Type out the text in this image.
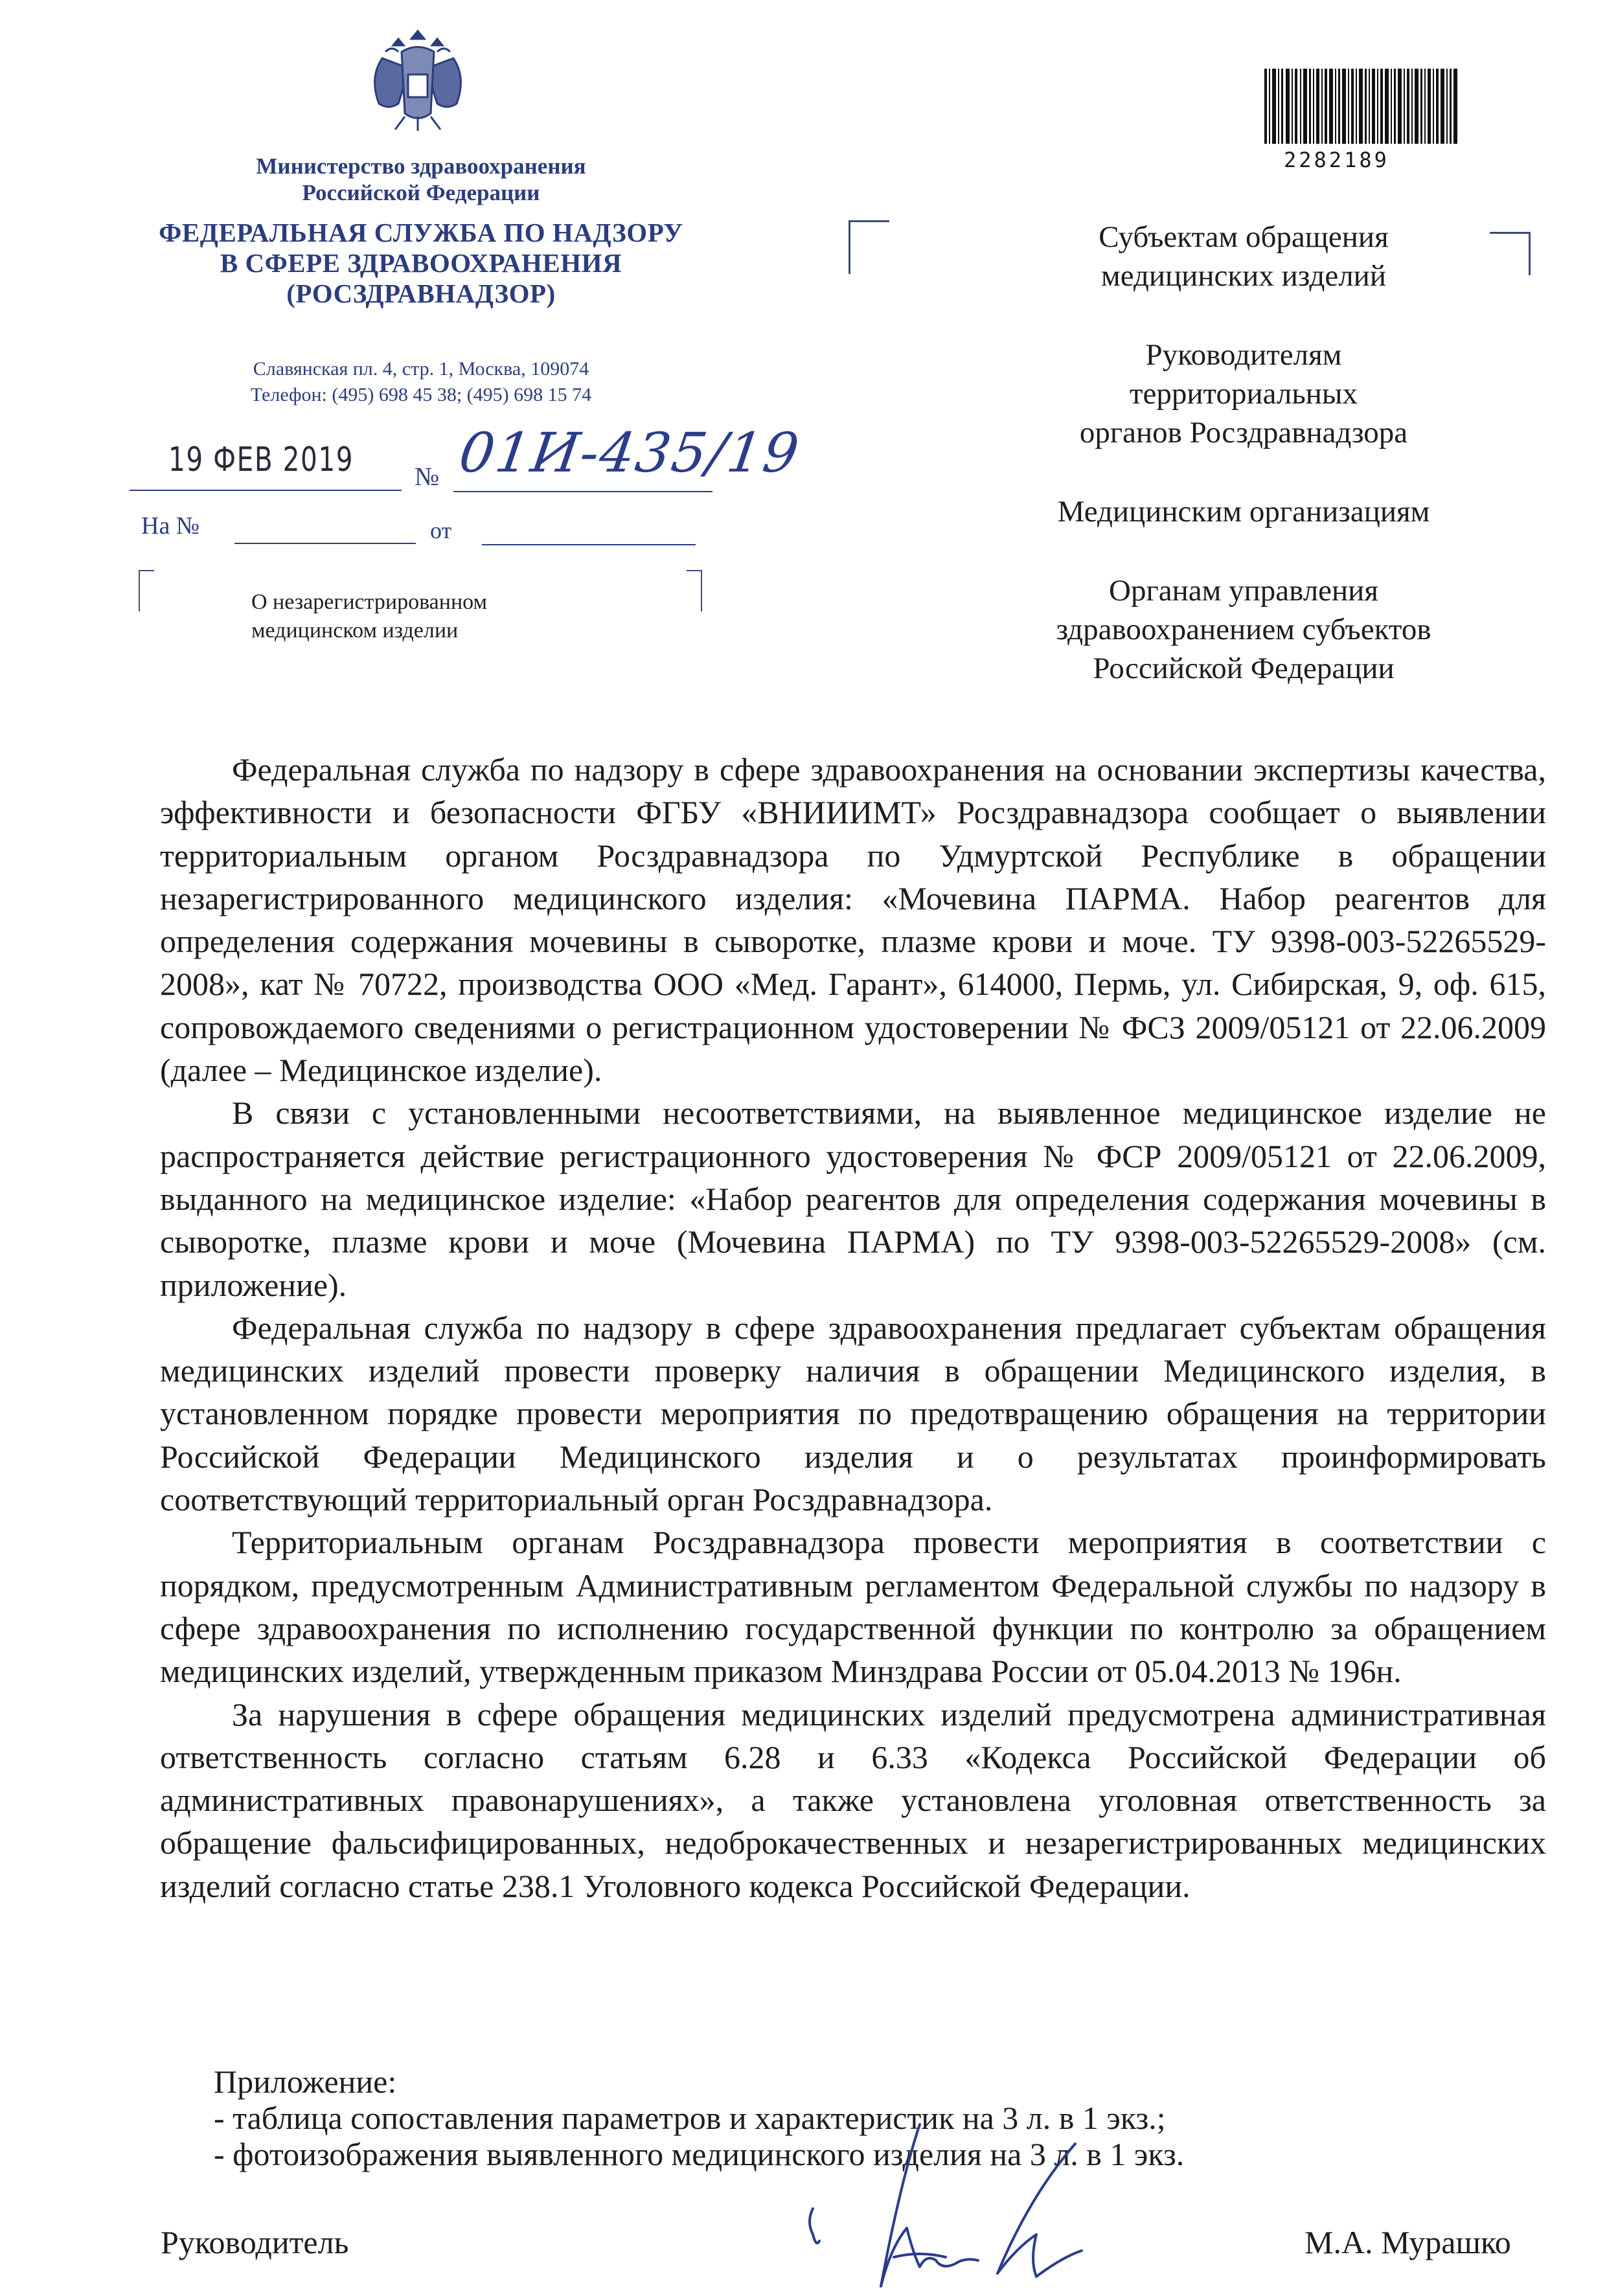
Министерство здравоохранения
Российской Федерации
ФЕДЕРАЛЬНАЯ СЛУЖБА ПО НАДЗОРУ
В СФЕРЕ ЗДРАВООХРАНЕНИЯ
(РОСЗДРАВНАДЗОР)
Славянская пл. 4, стр. 1, Москва, 109074
Телефон: (495) 698 45 38; (495) 698 15 74
19 ФЕВ 2019 № 01И-435/19
На №	от
О незарегистрированном
медицинском изделии
2282189
Субъектам обращения
медицинских изделий
Руководителям
территориальных
органов Росздравнадзора
Медицинским организациям
Органам управления
здравоохранением субъектов
Российской Федерации

Федеральная служба по надзору в сфере здравоохранения на основании экспертизы качества, эффективности и безопасности ФГБУ «ВНИИИМТ» Росздравнадзора сообщает о выявлении территориальным органом Росздравнадзора по Удмуртской Республике в обращении незарегистрированного медицинского изделия: «Мочевина ПАРМА. Набор реагентов для определения содержания мочевины в сыворотке, плазме крови и моче. ТУ 9398-003-52265529-2008», кат № 70722, производства ООО «Мед. Гарант», 614000, Пермь, ул. Сибирская, 9, оф. 615, сопровождаемого сведениями о регистрационном удостоверении № ФСЗ 2009/05121 от 22.06.2009 (далее – Медицинское изделие).

В связи с установленными несоответствиями, на выявленное медицинское изделие не распространяется действие регистрационного удостоверения № ФСР 2009/05121 от 22.06.2009, выданного на медицинское изделие: «Набор реагентов для определения содержания мочевины в сыворотке, плазме крови и моче (Мочевина ПАРМА) по ТУ 9398-003-52265529-2008» (см. приложение).

Федеральная служба по надзору в сфере здравоохранения предлагает субъектам обращения медицинских изделий провести проверку наличия в обращении Медицинского изделия, в установленном порядке провести мероприятия по предотвращению обращения на территории Российской Федерации Медицинского изделия и о результатах проинформировать соответствующий территориальный орган Росздравнадзора.

Территориальным органам Росздравнадзора провести мероприятия в соответствии с порядком, предусмотренным Административным регламентом Федеральной службы по надзору в сфере здравоохранения по исполнению государственной функции по контролю за обращением медицинских изделий, утвержденным приказом Минздрава России от 05.04.2013 № 196н.

За нарушения в сфере обращения медицинских изделий предусмотрена административная ответственность согласно статьям 6.28 и 6.33 «Кодекса Российской Федерации об административных правонарушениях», а также установлена уголовная ответственность за обращение фальсифицированных, недоброкачественных и незарегистрированных медицинских изделий согласно статье 238.1 Уголовного кодекса Российской Федерации.

Приложение:
- таблица сопоставления параметров и характеристик на 3 л. в 1 экз.;
- фотоизображения выявленного медицинского изделия на 3 л. в 1 экз.
Руководитель	М.А. Мурашко
